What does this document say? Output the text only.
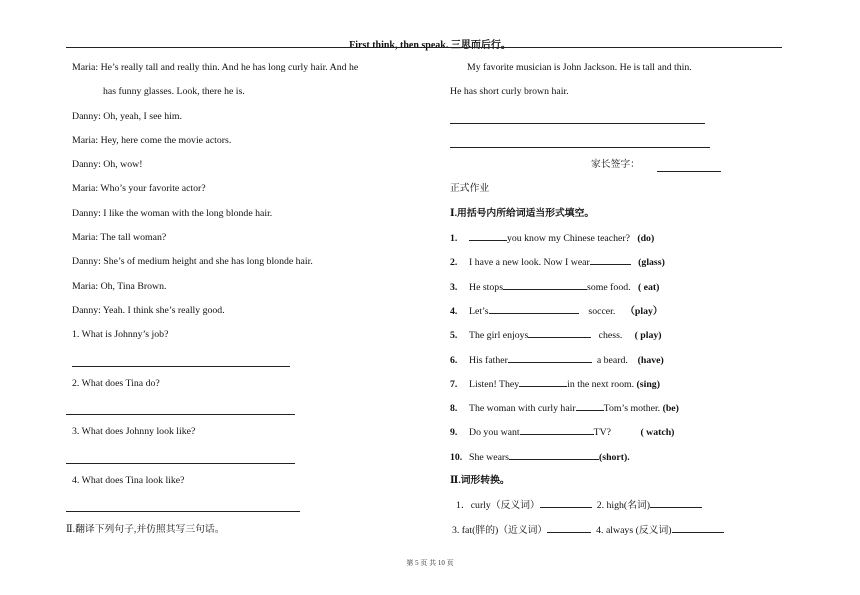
First think, then speak. 三思而后行。
Maria: He’s really tall and really thin. And he has long curly hair. And he
has funny glasses. Look, there he is.
Danny: Oh, yeah, I see him.
Maria: Hey, here come the movie actors.
Danny: Oh, wow!
Maria: Who’s your favorite actor?
Danny: I like the woman with the long blonde hair.
Maria: The tall woman?
Danny: She’s of medium height and she has long blonde hair.
Maria: Oh, Tina Brown.
Danny: Yeah. I think she’s really good.
1. What is Johnny’s job?
2. What does Tina do?
3. What does Johnny look like?
4. What does Tina look like?
Ⅱ.翻译下列句子,并仿照其写三句话。
My favorite musician is John Jackson. He is tall and thin.
He has short curly brown hair.
家长签字：
正式作业
Ⅰ.用括号内所给词适当形式填空。
1.	you know my Chinese teacher? (do)
2. I have a new look. Now I wear	(glass)
3. He stops	some food. ( eat)
4. Let’s	soccer. （play）
5. The girl enjoys	chess. ( play)
6. His father	a beard. (have)
7. Listen! They	in the next room. (sing)
8. The woman with curly hair	Tom’s mother. (be)
9. Do you want	TV?	( watch)
10. She wears	(short).
Ⅱ.词形转换。
1．curly（反义词）	2. high(名词)
3. fat(胖的)（近义词）	4. always (反义词)
第 5 页 共 10 页
